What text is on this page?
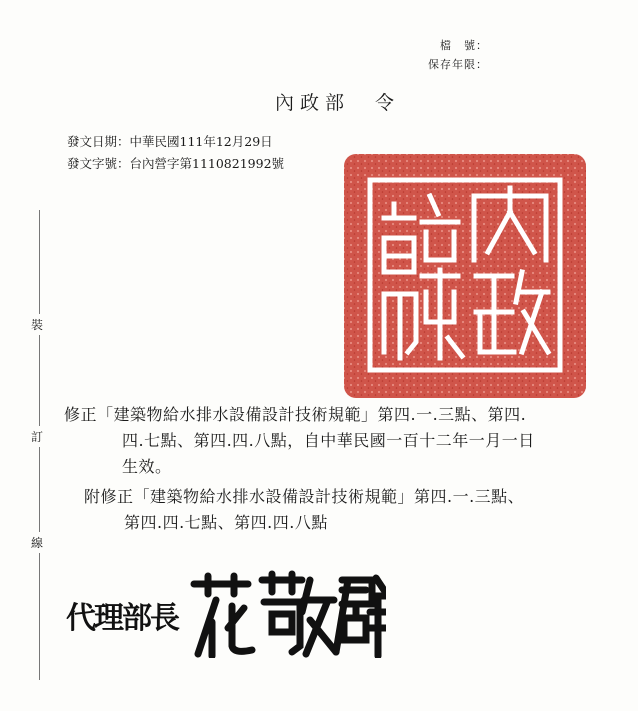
檔　號：
保存年限：
內政部　令
發文日期：中華民國111年12月29日
發文字號：台內營字第1110821992號
裝
訂
線
修正「建築物給水排水設備設計技術規範」第四.一.三點、第四.
四.七點、第四.四.八點，自中華民國一百十二年一月一日
生效。
附修正「建築物給水排水設備設計技術規範」第四.一.三點、
第四.四.七點、第四.四.八點
代理部長
